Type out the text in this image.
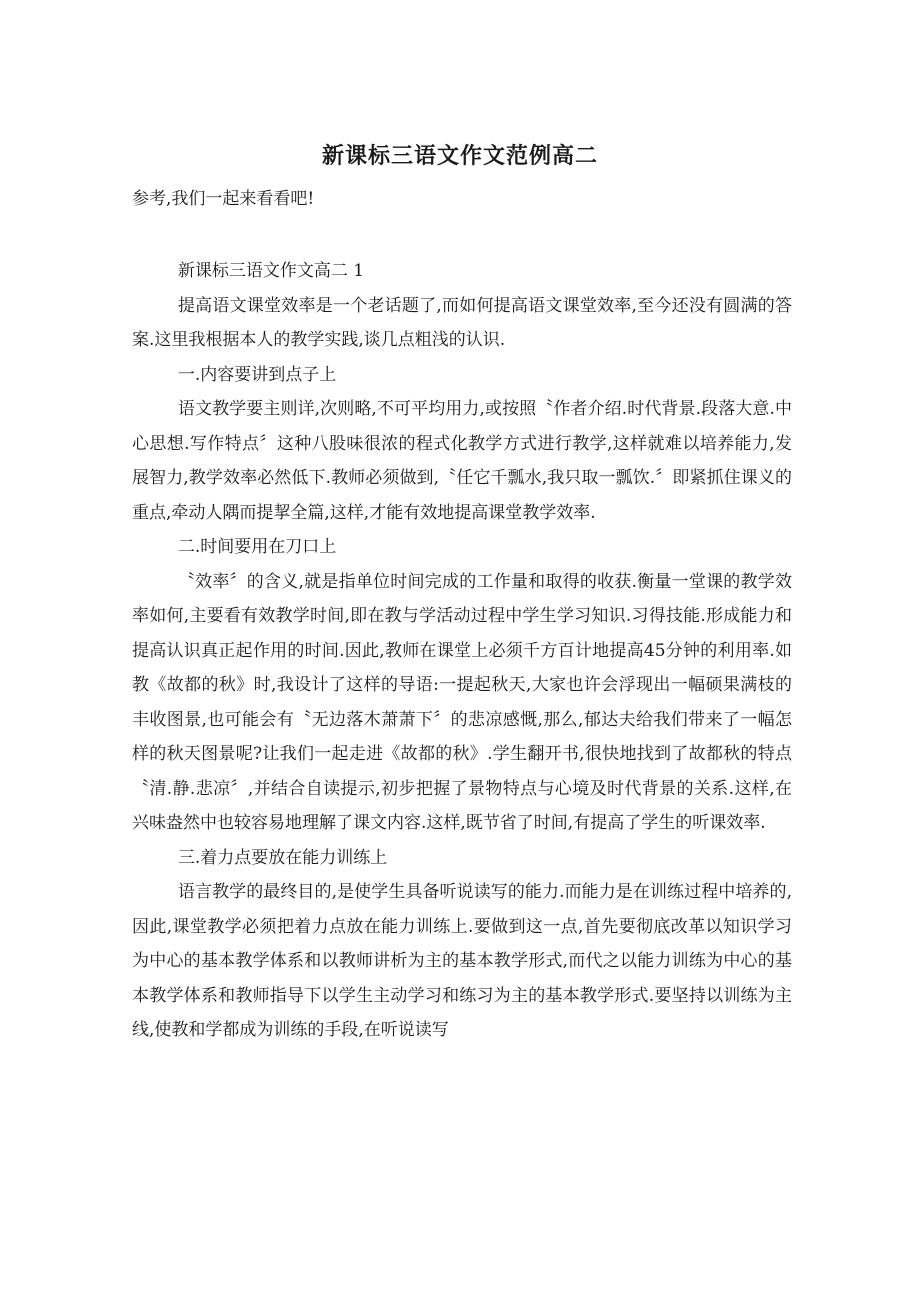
新课标三语文作文范例高二

参考,我们一起来看看吧!

新课标三语文作文高二 1

提高语文课堂效率是一个老话题了,而如何提高语文课堂效率,至今还没有圆满的答案.这里我根据本人的教学实践,谈几点粗浅的认识.

一.内容要讲到点子上

语文教学要主则详,次则略,不可平均用力,或按照〝作者介绍.时代背景.段落大意.中心思想.写作特点〞这种八股味很浓的程式化教学方式进行教学,这样就难以培养能力,发展智力,教学效率必然低下.教师必须做到,〝任它千瓢水,我只取一瓢饮.〞即紧抓住课义的重点,牵动人隅而提挈全篇,这样,才能有效地提高课堂教学效率.

二.时间要用在刀口上

〝效率〞的含义,就是指单位时间完成的工作量和取得的收获.衡量一堂课的教学效率如何,主要看有效教学时间,即在教与学活动过程中学生学习知识.习得技能.形成能力和提高认识真正起作用的时间.因此,教师在课堂上必须千方百计地提高45分钟的利用率.如教《故都的秋》时,我设计了这样的导语:一提起秋天,大家也许会浮现出一幅硕果满枝的丰收图景,也可能会有〝无边落木萧萧下〞的悲凉感慨,那么,郁达夫给我们带来了一幅怎样的秋天图景呢?让我们一起走进《故都的秋》.学生翻开书,很快地找到了故都秋的特点〝清.静.悲凉〞,并结合自读提示,初步把握了景物特点与心境及时代背景的关系.这样,在兴味盎然中也较容易地理解了课文内容.这样,既节省了时间,有提高了学生的听课效率.

三.着力点要放在能力训练上

语言教学的最终目的,是使学生具备听说读写的能力.而能力是在训练过程中培养的,因此,课堂教学必须把着力点放在能力训练上.要做到这一点,首先要彻底改革以知识学习为中心的基本教学体系和以教师讲析为主的基本教学形式,而代之以能力训练为中心的基本教学体系和教师指导下以学生主动学习和练习为主的基本教学形式.要坚持以训练为主线,使教和学都成为训练的手段,在听说读写
